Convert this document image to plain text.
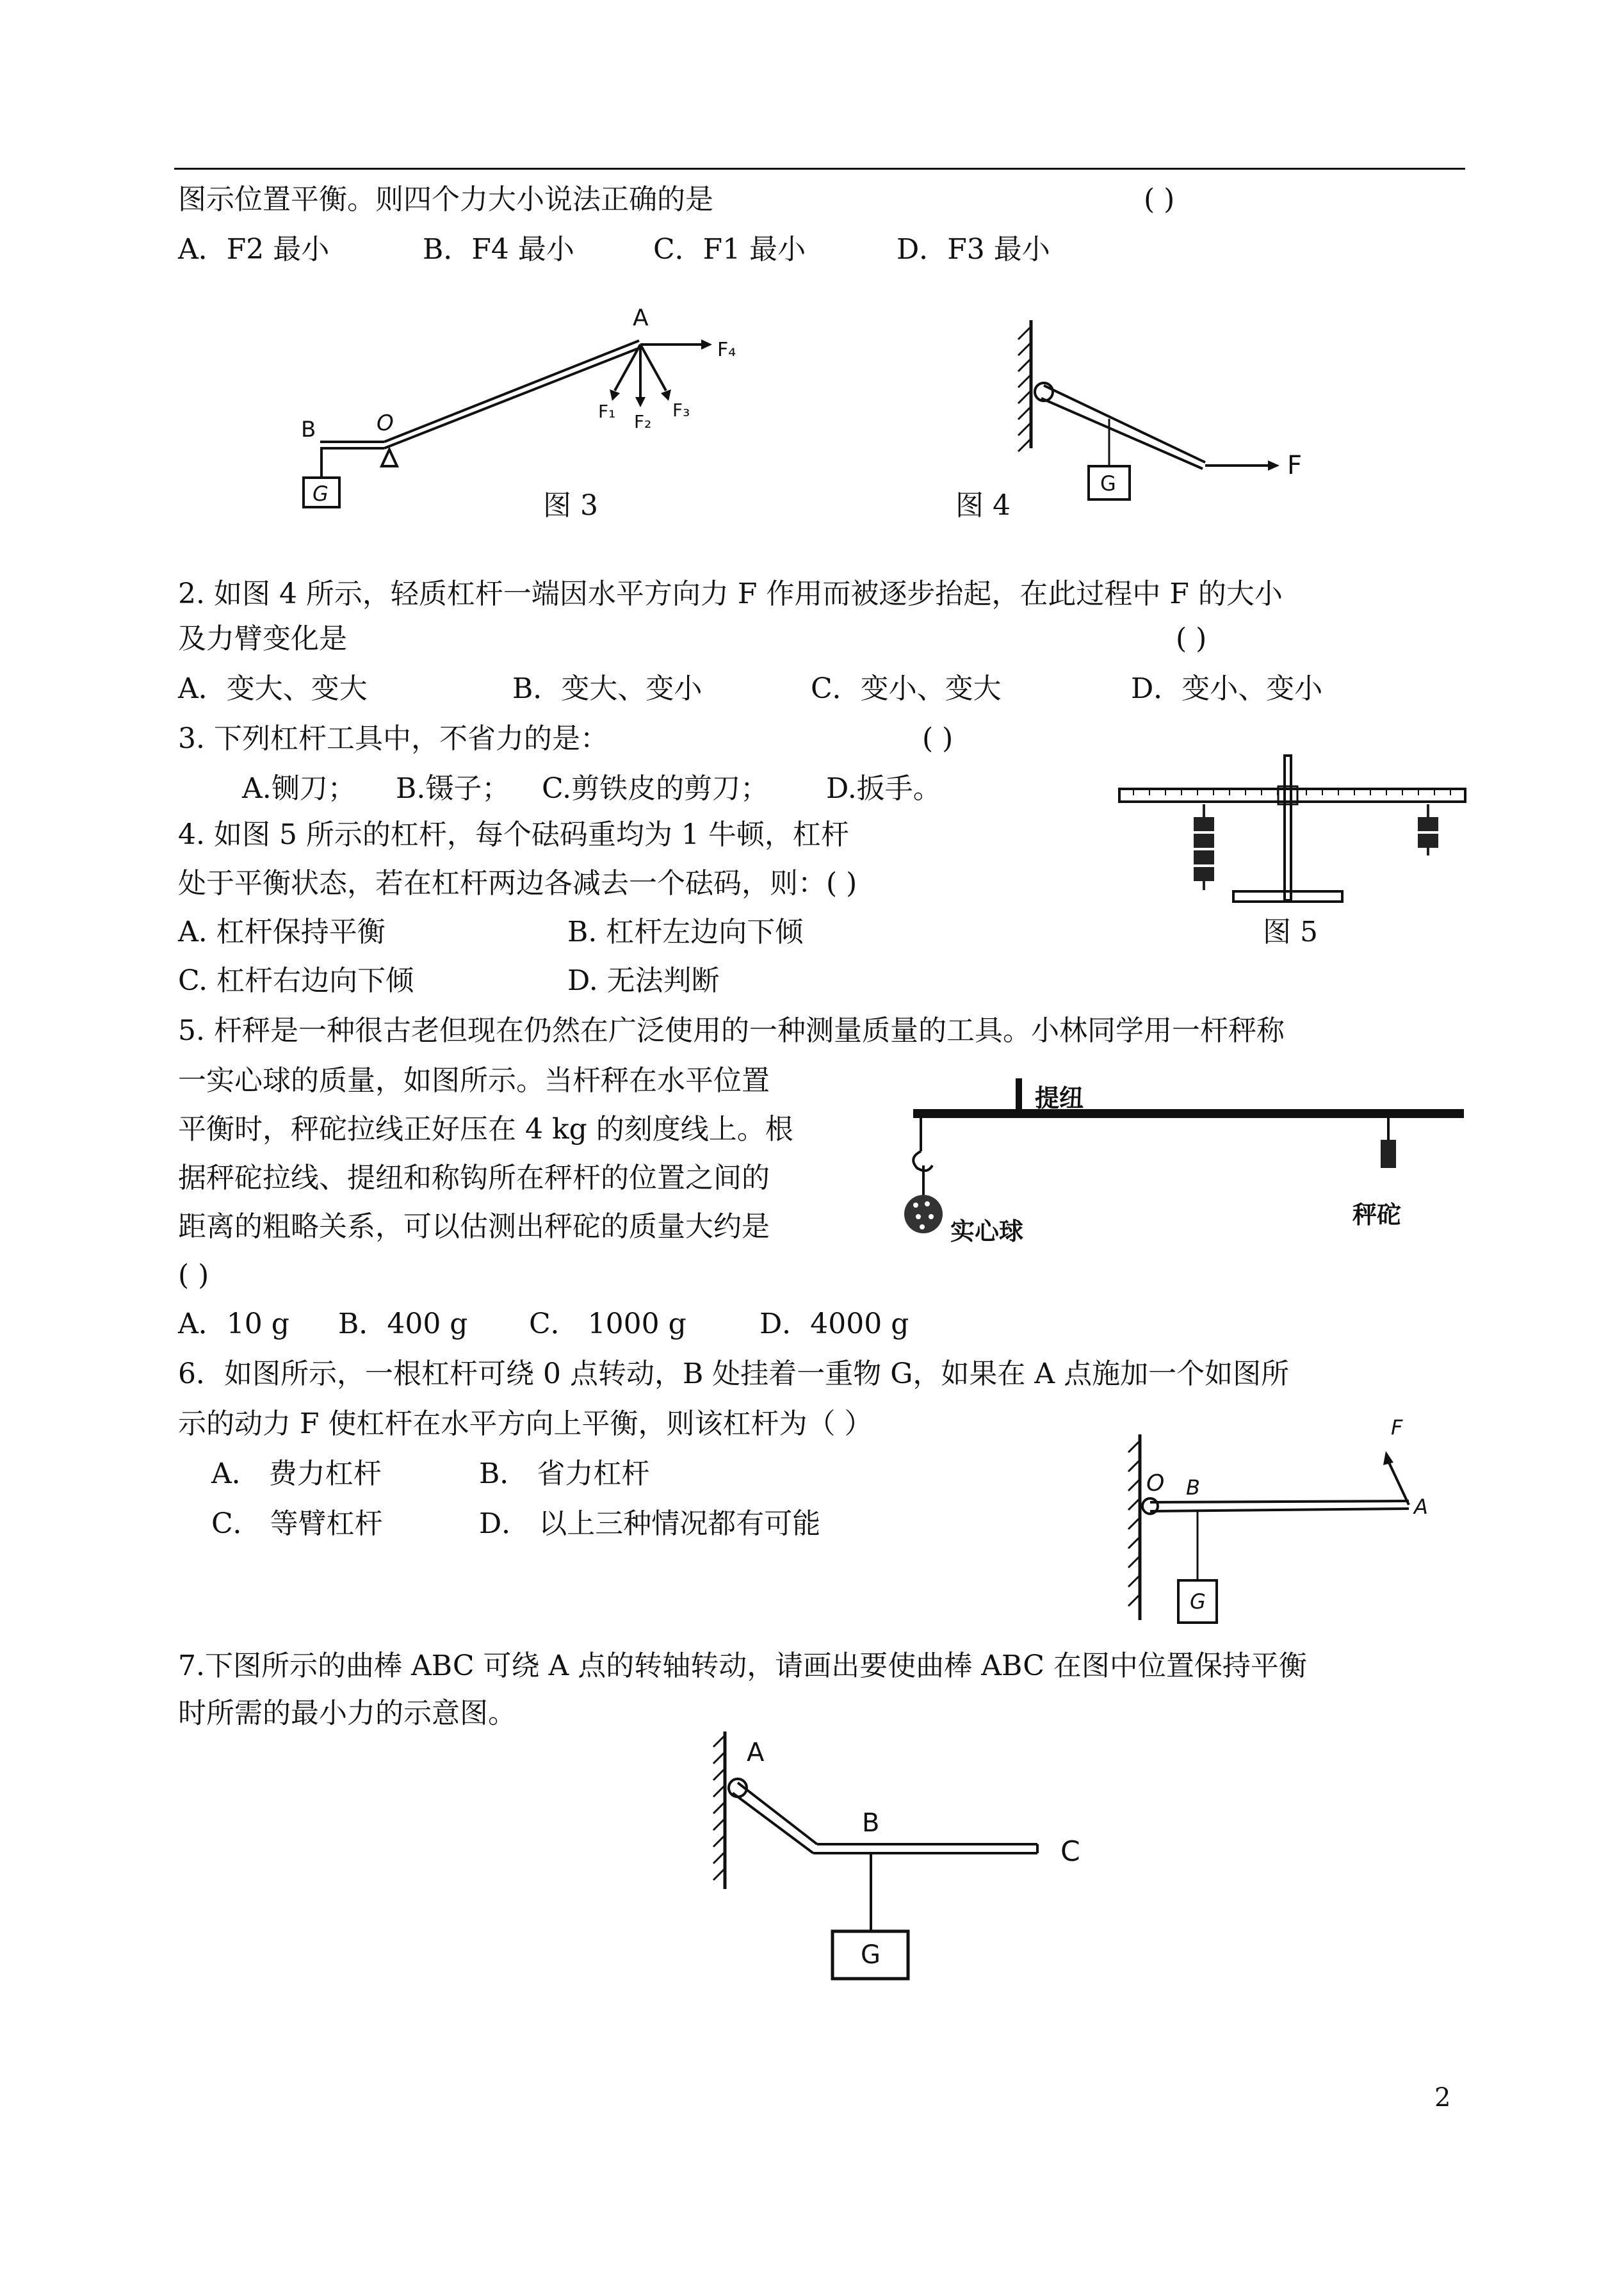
图示位置平衡。则四个力大小说法正确的是	( )
A．F2 最小	B．F4 最小	C．F1 最小	D．F3 最小
A
B	O
G
F₁ F₂
F₃
F₄
图 3
G
F
图 4
2. 如图 4 所示，轻质杠杆一端因水平方向力 F 作用而被逐步抬起，在此过程中 F 的大小
及力臂变化是	( )
A．变大、变大	B．变大、变小	C．变小、变大	D．变小、变小
3. 下列杠杆工具中，不省力的是：	( )
A.铡刀； B.镊子； C.剪铁皮的剪刀； D.扳手。
图 5
4. 如图 5 所示的杠杆，每个砝码重均为 1 牛顿，杠杆
处于平衡状态，若在杠杆两边各减去一个砝码，则：( )
A. 杠杆保持平衡	B. 杠杆左边向下倾
C. 杠杆右边向下倾	D. 无法判断
5. 杆秤是一种很古老但现在仍然在广泛使用的一种测量质量的工具。小林同学用一杆秤称
一实心球的质量，如图所示。当杆秤在水平位置
平衡时，秤砣拉线正好压在 4 kg 的刻度线上。根
据秤砣拉线、提纽和称钩所在秤杆的位置之间的
距离的粗略关系，可以估测出秤砣的质量大约是
( )
A．10 g B．400 g C． 1000 g	D．4000 g
提纽
实心球
秤砣
6．如图所示，一根杠杆可绕 0 点转动，B 处挂着一重物 G，如果在 A 点施加一个如图所
示的动力 F 使杠杆在水平方向上平衡，则该杠杆为（ ）
A． 费力杠杆	B． 省力杠杆
C． 等臂杠杆	D． 以上三种情况都有可能
O B
A
F
G
7.下图所示的曲棒 ABC 可绕 A 点的转轴转动，请画出要使曲棒 ABC 在图中位置保持平衡
时所需的最小力的示意图。
A
B
C
G
2
